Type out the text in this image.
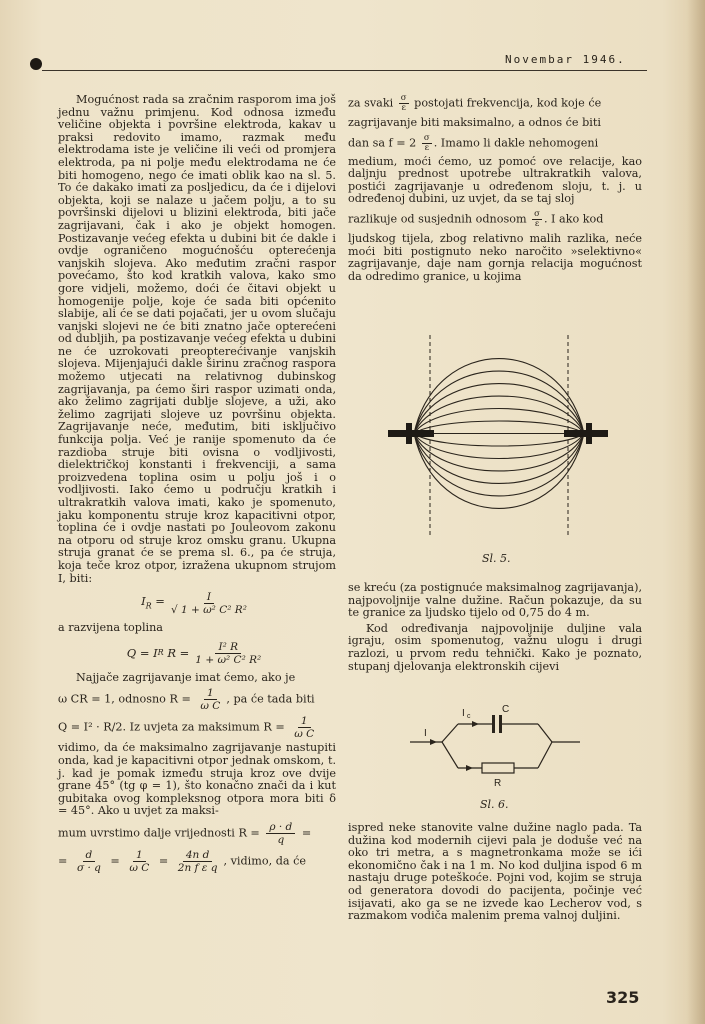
Novembar 1946.

Mogućnost rada sa zračnim rasporom ima još jednu važnu primjenu. Kod odnosa između veličine objekta i površine elektroda, kakav u praksi redovito imamo, razmak među elektrodama iste je veličine ili veći od promjera elektroda, pa ni polje među elektrodama ne će biti homogeno, nego će imati oblik kao na sl. 5. To će dakako imati za posljedicu, da će i dijelovi objekta, koji se nalaze u jačem polju, a to su površinski dijelovi u blizini elektroda, biti jače zagrijavani, čak i ako je objekt homogen. Postizavanje većeg efekta u dubini bit će dakle i ovdje ograničeno mogućnošću opterećenja vanjskih slojeva. Ako međutim zračni raspor povećamo, što kod kratkih valova, kako smo gore vidjeli, možemo, doći će čitavi objekt u homogenije polje, koje će sada biti općenito slabije, ali će se dati pojačati, jer u ovom slučaju vanjski slojevi ne će biti znatno jače opterećeni od dubljih, pa postizavanje većeg efekta u dubini ne će uzrokovati preopterećivanje vanjskih slojeva. Mijenjajući dakle širinu zračnog raspora možemo utjecati na relativnog dubinskog zagrijavanja, pa ćemo širi raspor uzimati onda, ako želimo zagrijati dublje slojeve, a uži, ako želimo zagrijati slojeve uz površinu objekta. Zagrijavanje neće, međutim, biti isključivo funkcija polja. Već je ranije spomenuto da će razdioba struje biti ovisna o vodljivosti, dielektričkoj konstanti i frekvenciji, a sama proizvedena toplina osim u polju još i o vodljivosti. Iako ćemo u području kratkih i ultrakratkih valova imati, kako je spomenuto, jaku komponentu struje kroz kapacitivni otpor, toplina će i ovdje nastati po Jouleovom zakonu na otporu od struje kroz omsku granu. Ukupna struja granat će se prema sl. 6., pa će struja, koja teče kroz otpor, izražena ukupnom strujom I, biti:

$I_R = \frac{I}{\text{√ 1 + ω² C² R²}}$

a razvijena toplina

Q = I R
$R = \frac{\text{I² R}}{\text{1 + ω² C² R²}}$

Najjače zagrijavanje imat ćemo, ako je

ω CR = 1, odnosno $R = \frac{1}{\text{ω C}}$ , pa će tada biti

Q = I² · R/2. Iz uvjeta za maksimum $R = \frac{1}{\text{ω C}}$

vidimo, da će maksimalno zagrijavanje nastupiti onda, kad je kapacitivni otpor jednak omskom, t. j. kad je pomak između struja kroz ove dvije grane 45° (tg φ = 1), što konačno znači da i kut gubitaka ovog kompleksnog otpora mora biti δ = 45°. Ako u uvjet za maksi-

mum uvrstimo dalje vrijednosti $R = \frac{\rho \cdot d}{q}$ =

= $\frac{d}{\sigma \cdot q} = \frac{1}{\text{ω C}} = \frac{\text{4n d}}{\text{2n f ε q}}$ , vidimo, da će

za svaki $\frac{\sigma}{\varepsilon}$ postojati frekvencija, kod koje će

zagrijavanje biti maksimalno, a odnos će biti

dan sa $f = 2 \frac{\sigma}{\varepsilon}$ . Imamo li dakle nehomogeni

medium, moći ćemo, uz pomoć ove relacije, kao daljnju prednost upotrebe ultrakratkih valova, postići zagrijavanje u određenom sloju, t. j. u određenoj dubini, uz uvjet, da se taj sloj

razlikuje od susjednih odnosom $\frac{\sigma}{\varepsilon}$ . I ako kod

ljudskog tijela, zbog relativno malih razlika, neće moći biti postignuto neko naročito »selektivno« zagrijavanje, daje nam gornja relacija mogućnost da odredimo granice, u kojima

Sl. 5.

se kreću (za postignuće maksimalnog zagrijavanja), najpovoljnije valne dužine. Račun pokazuje, da su te granice za ljudsko tijelo od 0,75 do 4 m.

Kod određivanja najpovoljnije duljine vala igraju, osim spomenutog, važnu ulogu i drugi razlozi, u prvom redu tehnički. Kako je poznato, stupanj djelovanja elektronskih cijevi

I
I c
C
R
Sl. 6.

ispred neke stanovite valne dužine naglo pada. Ta dužina kod modernih cijevi pala je doduše već na oko tri metra, a s magnetronkama može se ići ekonomično čak i na 1 m. No kod duljina ispod 6 m nastaju druge poteškoće. Pojni vod, kojim se struja od generatora dovodi do pacijenta, počinje već isijavati, ako ga se ne izvede kao Lecherov vod, s razmakom vodiča malenim prema valnoj duljini.

325
